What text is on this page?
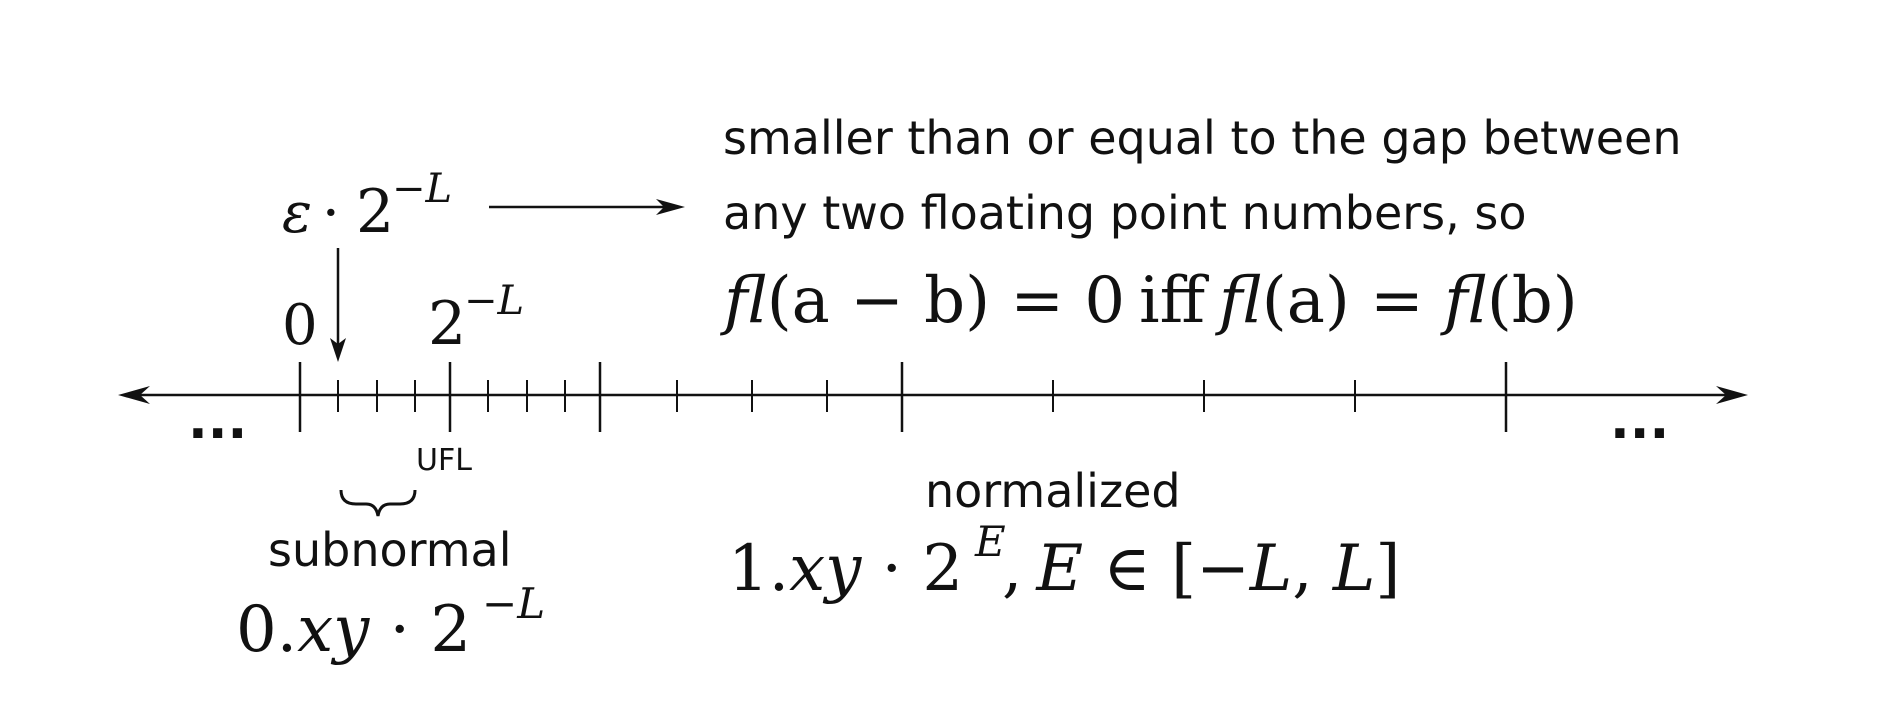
...	...
0 2
−L
UFL
ε · 2
−L
smaller than or equal to the gap between
any two floating point numbers, so
fl(a − b) = 0 iff fl(a) = fl(b)
subnormal
0.xy · 2 −L
normalized
1.xy · 2 E
, E ∈ [−L, L]
